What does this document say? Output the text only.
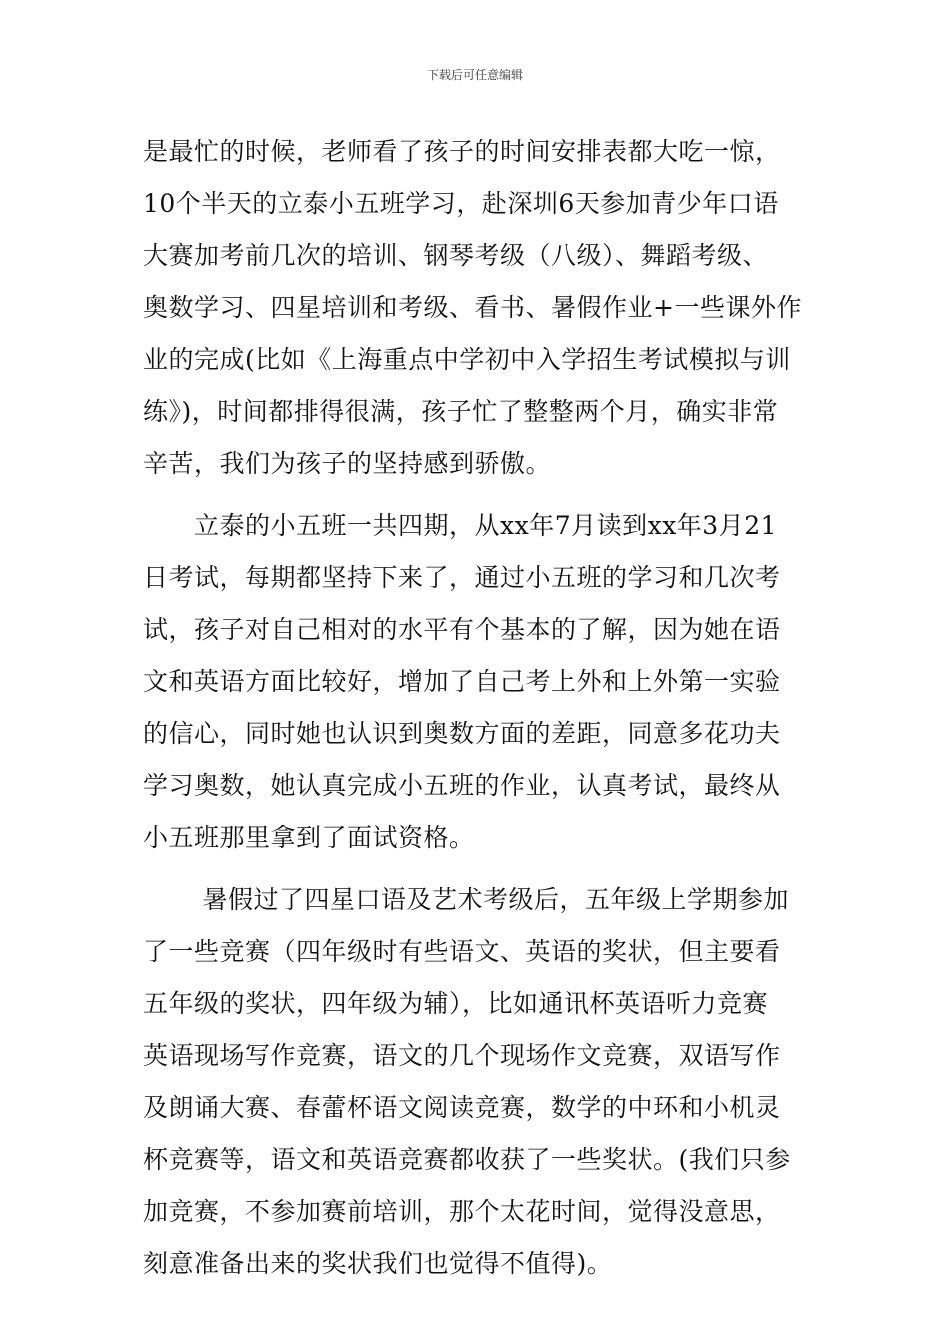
下载后可任意编辑
是最忙的时候，老师看了孩子的时间安排表都大吃一惊，
10个半天的立泰小五班学习，赴深圳6天参加青少年口语
大赛加考前几次的培训、钢琴考级（八级）、舞蹈考级、
奥数学习、四星培训和考级、看书、暑假作业+一些课外作
业的完成(比如《上海重点中学初中入学招生考试模拟与训
练》)，时间都排得很满，孩子忙了整整两个月，确实非常
辛苦，我们为孩子的坚持感到骄傲。
　　立泰的小五班一共四期，从xx年7月读到xx年3月21
日考试，每期都坚持下来了，通过小五班的学习和几次考
试，孩子对自己相对的水平有个基本的了解，因为她在语
文和英语方面比较好，增加了自己考上外和上外第一实验
的信心，同时她也认识到奥数方面的差距，同意多花功夫
学习奥数，她认真完成小五班的作业，认真考试，最终从
小五班那里拿到了面试资格。
　　 暑假过了四星口语及艺术考级后，五年级上学期参加
了一些竞赛（四年级时有些语文、英语的奖状，但主要看
五年级的奖状，四年级为辅），比如通讯杯英语听力竞赛
英语现场写作竞赛，语文的几个现场作文竞赛，双语写作
及朗诵大赛、春蕾杯语文阅读竞赛，数学的中环和小机灵
杯竞赛等，语文和英语竞赛都收获了一些奖状。(我们只参
加竞赛，不参加赛前培训，那个太花时间，觉得没意思，
刻意准备出来的奖状我们也觉得不值得)。
